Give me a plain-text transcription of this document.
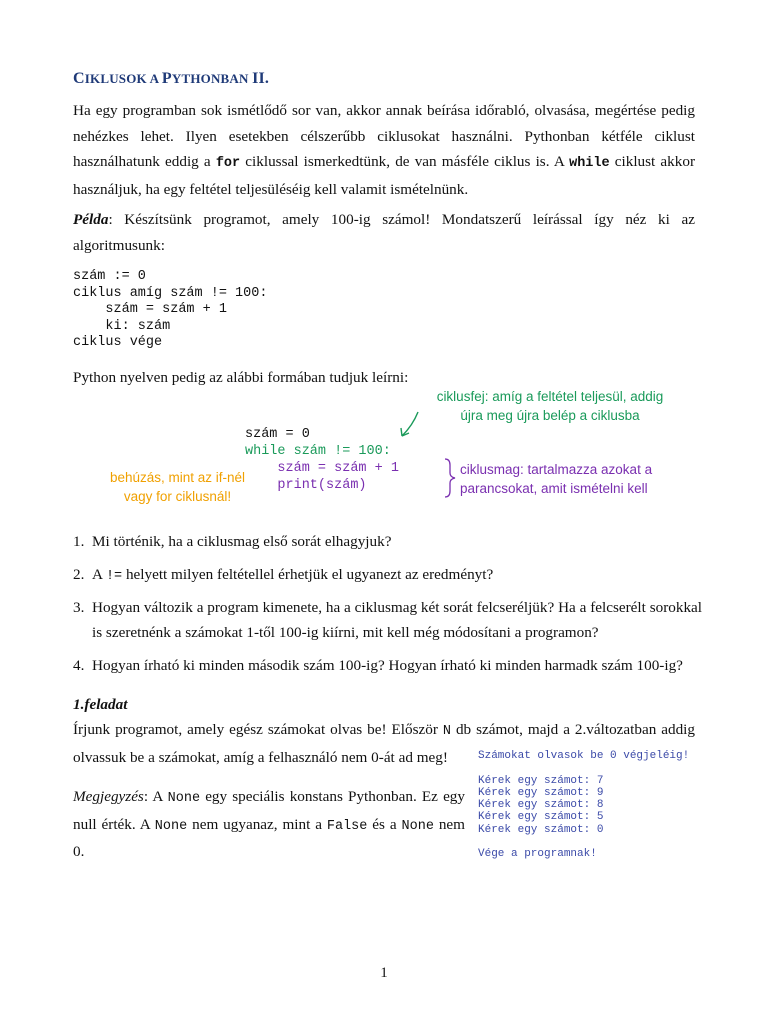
CIKLUSOK A PYTHONBAN II.

Ha egy programban sok ismétlődő sor van, akkor annak beírása időrabló, olvasása, megértése pedig nehézkes lehet. Ilyen esetekben célszerűbb ciklusokat használni. Pythonban kétféle ciklust használhatunk eddig a for ciklussal ismerkedtünk, de van másféle ciklus is. A while ciklust akkor használjuk, ha egy feltétel teljesüléséig kell valamit ismételnünk.

Példa: Készítsünk programot, amely 100-ig számol! Mondatszerű leírással így néz ki az algoritmusunk:

szám := 0
ciklus amíg szám != 100:
szám = szám + 1
ki: szám
ciklus vége
Python nyelven pedig az alábbi formában tudjuk leírni:
ciklusfej: amíg a feltétel teljesül, addig
újra meg újra belép a ciklusba
szám = 0
while szám != 100:
szám = szám + 1
print(szám)
behúzás, mint az if-nél
vagy for ciklusnál!
ciklusmag: tartalmazza azokat a
parancsokat, amit ismételni kell
1. Mi történik, ha a ciklusmag első sorát elhagyjuk?
2. A != helyett milyen feltétellel érhetjük el ugyanezt az eredményt?
3. Hogyan változik a program kimenete, ha a ciklusmag két sorát felcseréljük? Ha a felcserélt sorokkal is szeretnénk a számokat 1-től 100-ig kiírni, mit kell még módosítani a programon?
4. Hogyan írható ki minden második szám 100-ig? Hogyan írható ki minden harmadk szám 100-ig?
1.feladat

Írjunk programot, amely egész számokat olvas be! Először N db számot, majd a 2.változatban addig olvassuk be a számokat, amíg a felhasználó nem 0-át ad meg!

Megjegyzés: A None egy speciális konstans Pythonban. Ez egy null érték. A None nem ugyanaz, mint a False és a None nem 0.

Számokat olvasok be 0 végjeléig!

Kérek egy számot: 7
Kérek egy számot: 9
Kérek egy számot: 8
Kérek egy számot: 5
Kérek egy számot: 0

Vége a programnak!
1
